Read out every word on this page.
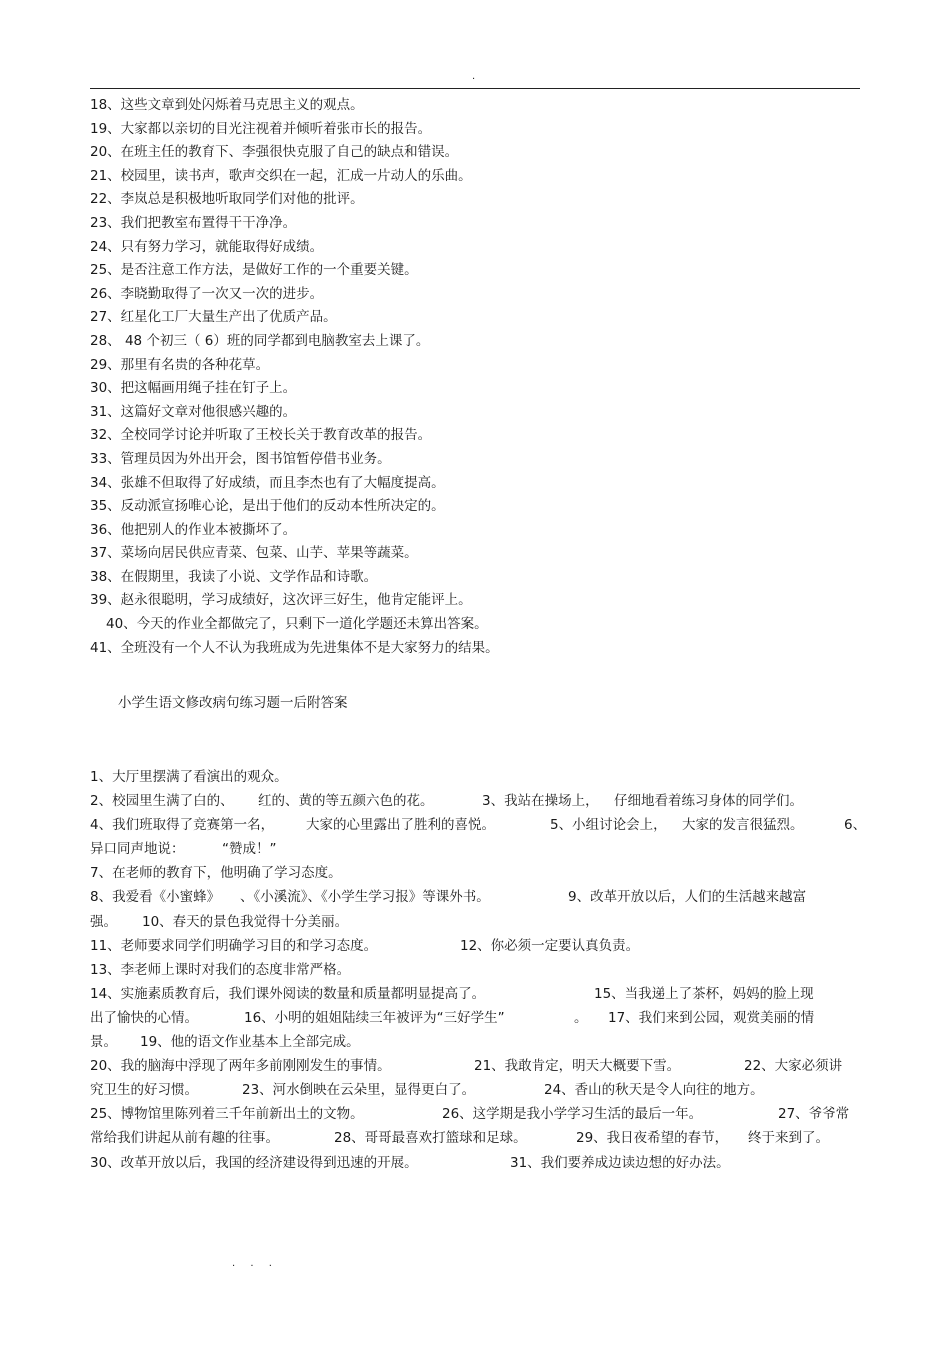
.
18、这些文章到处闪烁着马克思主义的观点。
19、大家都以亲切的目光注视着并倾听着张市长的报告。
20、在班主任的教育下、李强很快克服了自己的缺点和错误。
21、校园里，读书声，歌声交织在一起，汇成一片动人的乐曲。
22、李岚总是积极地听取同学们对他的批评。
23、我们把教室布置得干干净净。
24、只有努力学习，就能取得好成绩。
25、是否注意工作方法，是做好工作的一个重要关键。
26、李晓勤取得了一次又一次的进步。
27、红星化工厂大量生产出了优质产品。
28、 48 个初三（ 6）班的同学都到电脑教室去上课了。
29、那里有名贵的各种花草。
30、把这幅画用绳子挂在钉子上。
31、这篇好文章对他很感兴趣的。
32、全校同学讨论并听取了王校长关于教育改革的报告。
33、管理员因为外出开会，图书馆暂停借书业务。
34、张雄不但取得了好成绩，而且李杰也有了大幅度提高。
35、反动派宣扬唯心论，是出于他们的反动本性所决定的。
36、他把别人的作业本被撕坏了。
37、菜场向居民供应青菜、包菜、山芋、苹果等蔬菜。
38、在假期里，我读了小说、文学作品和诗歌。
39、赵永很聪明，学习成绩好，这次评三好生，他肯定能评上。
40、今天的作业全都做完了，只剩下一道化学题还未算出答案。
41、全班没有一个人不认为我班成为先进集体不是大家努力的结果。
小学生语文修改病句练习题一后附答案
1、大厅里摆满了看演出的观众。
2、校园里生满了白的、 红的、黄的等五颜六色的花。	3、我站在操场上， 仔细地看着练习身体的同学们。
4、我们班取得了竞赛第一名， 大家的心里露出了胜利的喜悦。	5、小组讨论会上， 大家的发言很猛烈。	6、
异口同声地说：	“赞成！”
7、在老师的教育下，他明确了学习态度。
8、我爱看《小蜜蜂》 、《小溪流》、《小学生学习报》等课外书。	9、改革开放以后，人们的生活越来越富
强。 10、春天的景色我觉得十分美丽。
11、老师要求同学们明确学习目的和学习态度。	12、你必须一定要认真负责。
13、李老师上课时对我们的态度非常严格。
14、实施素质教育后，我们课外阅读的数量和质量都明显提高了。	15、当我递上了茶杯，妈妈的脸上现
出了愉快的心情。	16、小明的姐姐陆续三年被评为“三好学生”	。 17、我们来到公园，观赏美丽的情
景。 19、他的语文作业基本上全部完成。
20、我的脑海中浮现了两年多前刚刚发生的事情。	21、我敢肯定，明天大概要下雪。	22、大家必须讲
究卫生的好习惯。	23、河水倒映在云朵里，显得更白了。	24、香山的秋天是令人向往的地方。
25、博物馆里陈列着三千年前新出土的文物。	26、这学期是我小学学习生活的最后一年。	27、爷爷常
常给我们讲起从前有趣的往事。	28、哥哥最喜欢打篮球和足球。	29、我日夜希望的春节， 终于来到了。
30、改革开放以后，我国的经济建设得到迅速的开展。	31、我们要养成边读边想的好办法。
. . .
